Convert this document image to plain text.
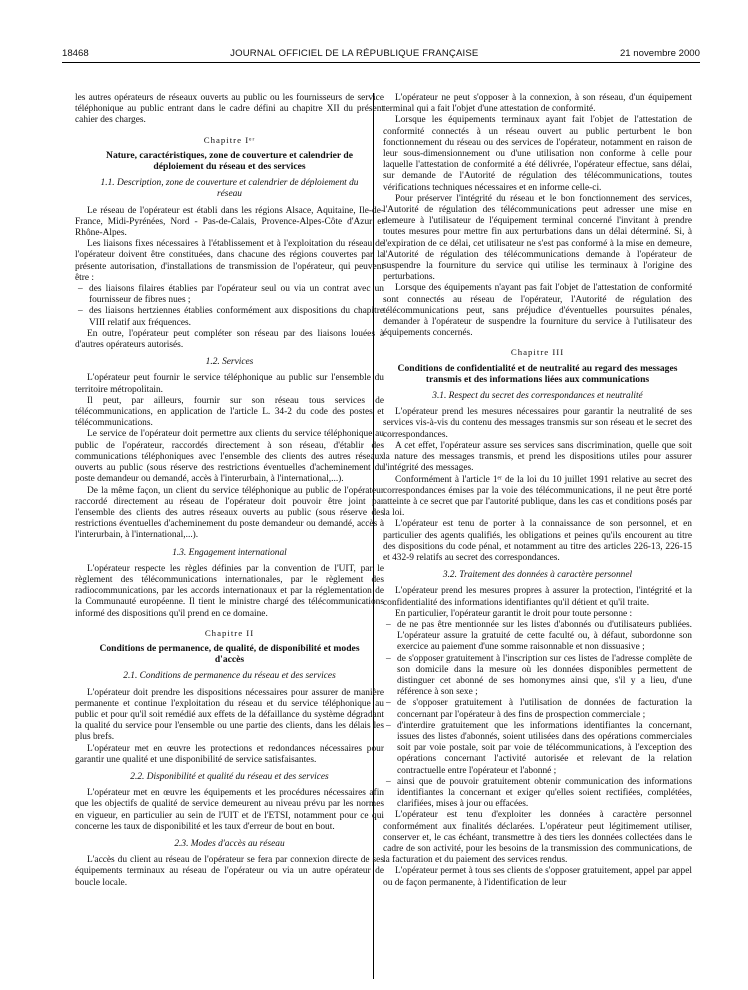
18468	JOURNAL OFFICIEL DE LA RÉPUBLIQUE FRANÇAISE	21 novembre 2000

les autres opérateurs de réseaux ouverts au public ou les fournisseurs de service téléphonique au public entrant dans le cadre défini au chapitre XII du présent cahier des charges.

Chapitre Iᵉʳ
Nature, caractéristiques, zone de couverture et calendrier de déploiement du réseau et des services
1.1. Description, zone de couverture et calendrier de déploiement du réseau

Le réseau de l'opérateur est établi dans les régions Alsace, Aquitaine, Ile-de-France, Midi-Pyrénées, Nord - Pas-de-Calais, Provence-Alpes-Côte d'Azur et Rhône-Alpes.

Les liaisons fixes nécessaires à l'établissement et à l'exploitation du réseau de l'opérateur doivent être constituées, dans chacune des régions couvertes par la présente autorisation, d'installations de transmission de l'opérateur, qui peuvent être :

– des liaisons filaires établies par l'opérateur seul ou via un contrat avec un fournisseur de fibres nues ;
– des liaisons hertziennes établies conformément aux dispositions du chapitre VIII relatif aux fréquences.

En outre, l'opérateur peut compléter son réseau par des liaisons louées à d'autres opérateurs autorisés.

1.2. Services

L'opérateur peut fournir le service téléphonique au public sur l'ensemble du territoire métropolitain.

Il peut, par ailleurs, fournir sur son réseau tous services de télécommunications, en application de l'article L. 34-2 du code des postes et télécommunications.

Le service de l'opérateur doit permettre aux clients du service téléphonique au public de l'opérateur, raccordés directement à son réseau, d'établir des communications téléphoniques avec l'ensemble des clients des autres réseaux ouverts au public (sous réserve des restrictions éventuelles d'acheminement du poste demandeur ou demandé, accès à l'interurbain, à l'international,...).

De la même façon, un client du service téléphonique au public de l'opérateur raccordé directement au réseau de l'opérateur doit pouvoir être joint par l'ensemble des clients des autres réseaux ouverts au public (sous réserve des restrictions éventuelles d'acheminement du poste demandeur ou demandé, accès à l'interurbain, à l'international,...).

1.3. Engagement international

L'opérateur respecte les règles définies par la convention de l'UIT, par le règlement des télécommunications internationales, par le règlement des radiocommunications, par les accords internationaux et par la réglementation de la Communauté européenne. Il tient le ministre chargé des télécommunications informé des dispositions qu'il prend en ce domaine.

Chapitre II
Conditions de permanence, de qualité, de disponibilité et modes d'accès
2.1. Conditions de permanence du réseau et des services

L'opérateur doit prendre les dispositions nécessaires pour assurer de manière permanente et continue l'exploitation du réseau et du service téléphonique au public et pour qu'il soit remédié aux effets de la défaillance du système dégradant la qualité du service pour l'ensemble ou une partie des clients, dans les délais les plus brefs.

L'opérateur met en œuvre les protections et redondances nécessaires pour garantir une qualité et une disponibilité de service satisfaisantes.

2.2. Disponibilité et qualité du réseau et des services

L'opérateur met en œuvre les équipements et les procédures nécessaires afin que les objectifs de qualité de service demeurent au niveau prévu par les normes en vigueur, en particulier au sein de l'UIT et de l'ETSI, notamment pour ce qui concerne les taux de disponibilité et les taux d'erreur de bout en bout.

2.3. Modes d'accès au réseau

L'accès du client au réseau de l'opérateur se fera par connexion directe de ses équipements terminaux au réseau de l'opérateur ou via un autre opérateur de boucle locale.

L'opérateur ne peut s'opposer à la connexion, à son réseau, d'un équipement terminal qui a fait l'objet d'une attestation de conformité.

Lorsque les équipements terminaux ayant fait l'objet de l'attestation de conformité connectés à un réseau ouvert au public perturbent le bon fonctionnement du réseau ou des services de l'opérateur, notamment en raison de leur sous-dimensionnement ou d'une utilisation non conforme à celle pour laquelle l'attestation de conformité a été délivrée, l'opérateur effectue, sans délai, sur demande de l'Autorité de régulation des télécommunications, toutes vérifications techniques nécessaires et en informe celle-ci.

Pour préserver l'intégrité du réseau et le bon fonctionnement des services, l'Autorité de régulation des télécommunications peut adresser une mise en demeure à l'utilisateur de l'équipement terminal concerné l'invitant à prendre toutes mesures pour mettre fin aux perturbations dans un délai déterminé. Si, à l'expiration de ce délai, cet utilisateur ne s'est pas conformé à la mise en demeure, l'Autorité de régulation des télécommunications demande à l'opérateur de suspendre la fourniture du service qui utilise les terminaux à l'origine des perturbations.

Lorsque des équipements n'ayant pas fait l'objet de l'attestation de conformité sont connectés au réseau de l'opérateur, l'Autorité de régulation des télécommunications peut, sans préjudice d'éventuelles poursuites pénales, demander à l'opérateur de suspendre la fourniture du service à l'utilisateur des équipements concernés.

Chapitre III
Conditions de confidentialité et de neutralité au regard des messages transmis et des informations liées aux communications
3.1. Respect du secret des correspondances et neutralité

L'opérateur prend les mesures nécessaires pour garantir la neutralité de ses services vis-à-vis du contenu des messages transmis sur son réseau et le secret des correspondances.

A cet effet, l'opérateur assure ses services sans discrimination, quelle que soit la nature des messages transmis, et prend les dispositions utiles pour assurer l'intégrité des messages.

Conformément à l'article 1ᵉʳ de la loi du 10 juillet 1991 relative au secret des correspondances émises par la voie des télécommunications, il ne peut être porté atteinte à ce secret que par l'autorité publique, dans les cas et conditions posés par la loi.

L'opérateur est tenu de porter à la connaissance de son personnel, et en particulier des agents qualifiés, les obligations et peines qu'ils encourent au titre des dispositions du code pénal, et notamment au titre des articles 226-13, 226-15 et 432-9 relatifs au secret des correspondances.

3.2. Traitement des données à caractère personnel

L'opérateur prend les mesures propres à assurer la protection, l'intégrité et la confidentialité des informations identifiantes qu'il détient et qu'il traite.

En particulier, l'opérateur garantit le droit pour toute personne :

– de ne pas être mentionnée sur les listes d'abonnés ou d'utilisateurs publiées. L'opérateur assure la gratuité de cette faculté ou, à défaut, subordonne son exercice au paiement d'une somme raisonnable et non dissuasive ;
– de s'opposer gratuitement à l'inscription sur ces listes de l'adresse complète de son domicile dans la mesure où les données disponibles permettent de distinguer cet abonné de ses homonymes ainsi que, s'il y a lieu, d'une référence à son sexe ;
– de s'opposer gratuitement à l'utilisation de données de facturation la concernant par l'opérateur à des fins de prospection commerciale ;
– d'interdire gratuitement que les informations identifiantes la concernant, issues des listes d'abonnés, soient utilisées dans des opérations commerciales soit par voie postale, soit par voie de télécommunications, à l'exception des opérations concernant l'activité autorisée et relevant de la relation contractuelle entre l'opérateur et l'abonné ;
– ainsi que de pouvoir gratuitement obtenir communication des informations identifiantes la concernant et exiger qu'elles soient rectifiées, complétées, clarifiées, mises à jour ou effacées.

L'opérateur est tenu d'exploiter les données à caractère personnel conformément aux finalités déclarées. L'opérateur peut légitimement utiliser, conserver et, le cas échéant, transmettre à des tiers les données collectées dans le cadre de son activité, pour les besoins de la transmission des communications, de la facturation et du paiement des services rendus.

L'opérateur permet à tous ses clients de s'opposer gratuitement, appel par appel ou de façon permanente, à l'identification de leur
